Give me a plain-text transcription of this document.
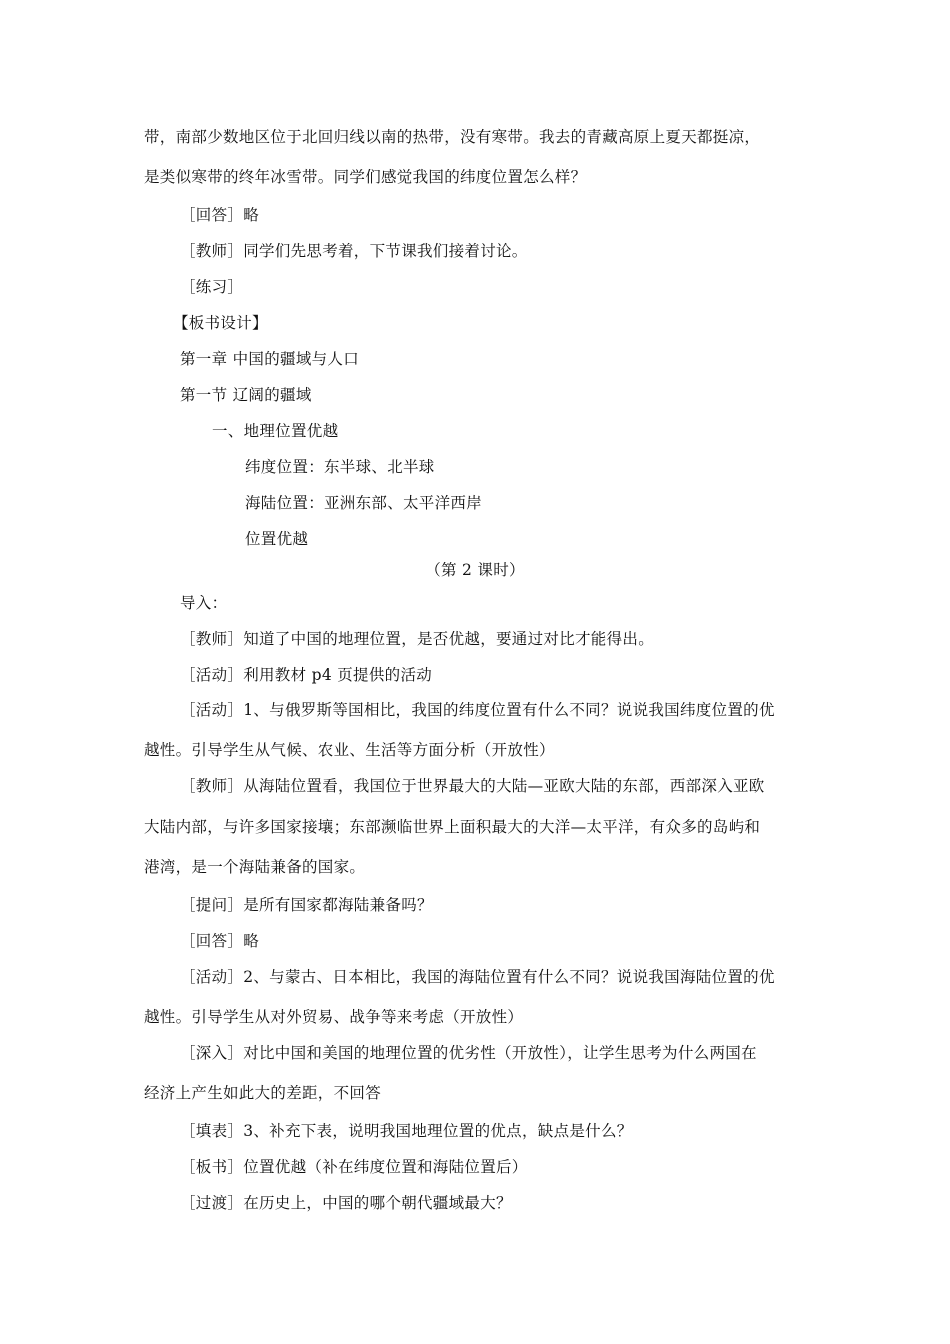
带，南部少数地区位于北回归线以南的热带，没有寒带。我去的青藏高原上夏天都挺凉，
是类似寒带的终年冰雪带。同学们感觉我国的纬度位置怎么样？
［回答］略
［教师］同学们先思考着，下节课我们接着讨论。
［练习］
【板书设计】
第一章 中国的疆域与人口
第一节 辽阔的疆域
一、地理位置优越
纬度位置：东半球、北半球
海陆位置：亚洲东部、太平洋西岸
位置优越
（第 2 课时）
导入：
［教师］知道了中国的地理位置，是否优越，要通过对比才能得出。
［活动］利用教材 p4 页提供的活动
［活动］1、与俄罗斯等国相比，我国的纬度位置有什么不同？说说我国纬度位置的优
越性。引导学生从气候、农业、生活等方面分析（开放性）
［教师］从海陆位置看，我国位于世界最大的大陆—亚欧大陆的东部，西部深入亚欧
大陆内部，与许多国家接壤；东部濒临世界上面积最大的大洋—太平洋，有众多的岛屿和
港湾，是一个海陆兼备的国家。
［提问］是所有国家都海陆兼备吗？
［回答］略
［活动］2、与蒙古、日本相比，我国的海陆位置有什么不同？说说我国海陆位置的优
越性。引导学生从对外贸易、战争等来考虑（开放性）
［深入］对比中国和美国的地理位置的优劣性（开放性），让学生思考为什么两国在
经济上产生如此大的差距，不回答
［填表］3、补充下表，说明我国地理位置的优点，缺点是什么？
［板书］位置优越（补在纬度位置和海陆位置后）
［过渡］在历史上，中国的哪个朝代疆域最大？
